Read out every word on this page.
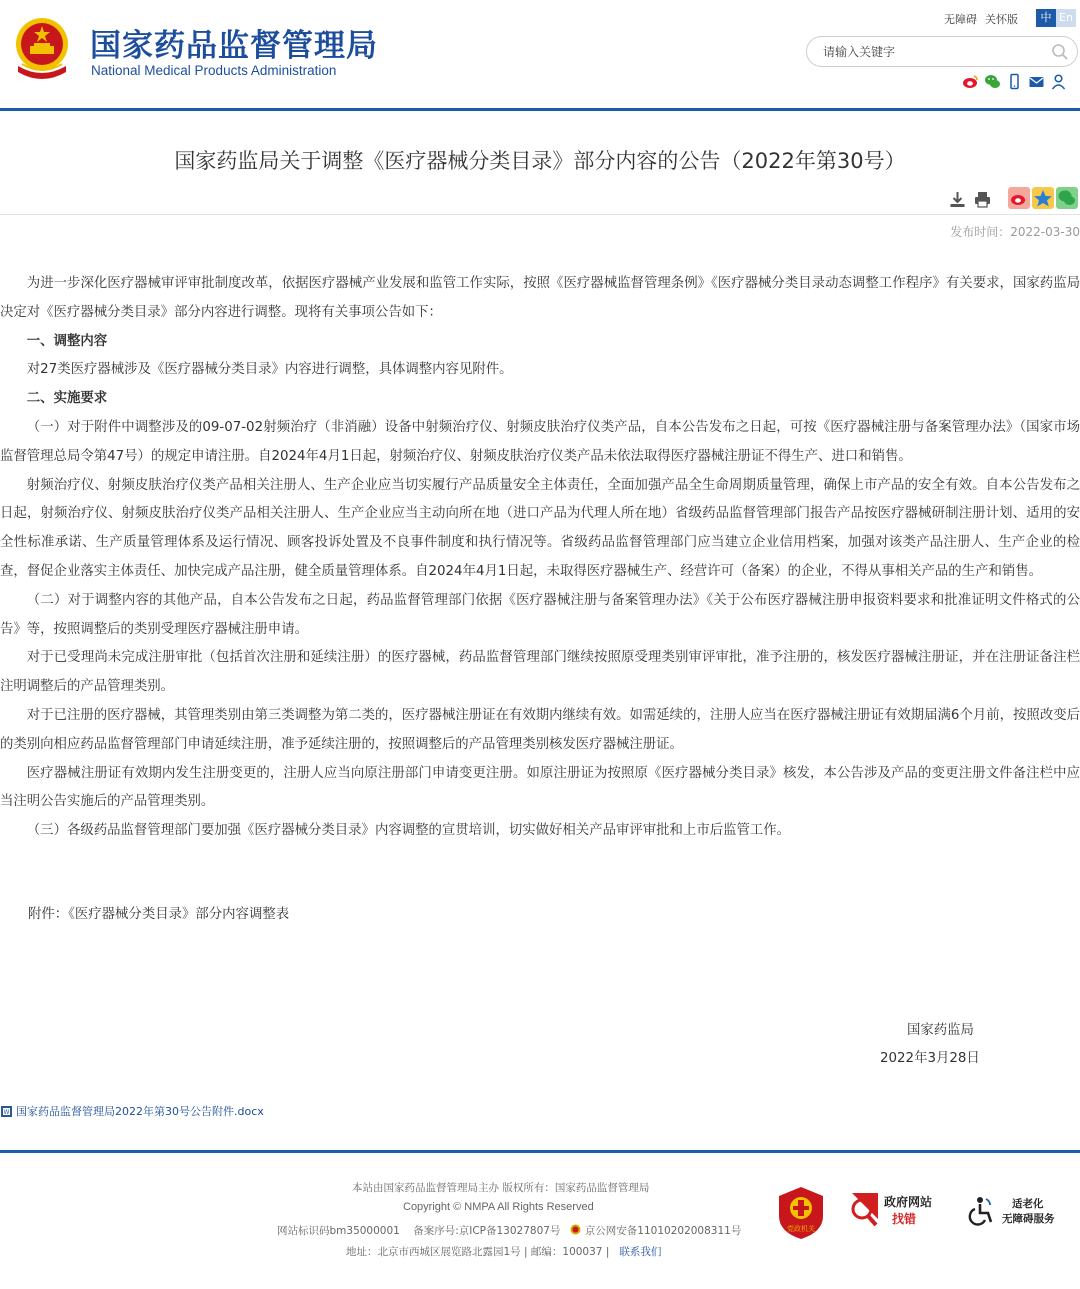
国家药品监督管理局
National Medical Products Administration
无障碍 关怀版	中 En
请输入关键字
国家药监局关于调整《医疗器械分类目录》部分内容的公告（2022年第30号）
发布时间：2022-03-30

为进一步深化医疗器械审评审批制度改革，依据医疗器械产业发展和监管工作实际，按照《医疗器械监督管理条例》《医疗器械分类目录动态调整工作程序》有关要求，国家药监局决定对《医疗器械分类目录》部分内容进行调整。现将有关事项公告如下：

一、调整内容

对27类医疗器械涉及《医疗器械分类目录》内容进行调整，具体调整内容见附件。

二、实施要求

（一）对于附件中调整涉及的09-07-02射频治疗（非消融）设备中射频治疗仪、射频皮肤治疗仪类产品，自本公告发布之日起，可按《医疗器械注册与备案管理办法》（国家市场监督管理总局令第47号）的规定申请注册。自2024年4月1日起，射频治疗仪、射频皮肤治疗仪类产品未依法取得医疗器械注册证不得生产、进口和销售。

射频治疗仪、射频皮肤治疗仪类产品相关注册人、生产企业应当切实履行产品质量安全主体责任，全面加强产品全生命周期质量管理，确保上市产品的安全有效。自本公告发布之日起，射频治疗仪、射频皮肤治疗仪类产品相关注册人、生产企业应当主动向所在地（进口产品为代理人所在地）省级药品监督管理部门报告产品按医疗器械研制注册计划、适用的安全性标准承诺、生产质量管理体系及运行情况、顾客投诉处置及不良事件制度和执行情况等。省级药品监督管理部门应当建立企业信用档案，加强对该类产品注册人、生产企业的检查，督促企业落实主体责任、加快完成产品注册，健全质量管理体系。自2024年4月1日起，未取得医疗器械生产、经营许可（备案）的企业，不得从事相关产品的生产和销售。

（二）对于调整内容的其他产品，自本公告发布之日起，药品监督管理部门依据《医疗器械注册与备案管理办法》《关于公布医疗器械注册申报资料要求和批准证明文件格式的公告》等，按照调整后的类别受理医疗器械注册申请。

对于已受理尚未完成注册审批（包括首次注册和延续注册）的医疗器械，药品监督管理部门继续按照原受理类别审评审批，准予注册的，核发医疗器械注册证，并在注册证备注栏注明调整后的产品管理类别。

对于已注册的医疗器械，其管理类别由第三类调整为第二类的，医疗器械注册证在有效期内继续有效。如需延续的，注册人应当在医疗器械注册证有效期届满6个月前，按照改变后的类别向相应药品监督管理部门申请延续注册，准予延续注册的，按照调整后的产品管理类别核发医疗器械注册证。

医疗器械注册证有效期内发生注册变更的，注册人应当向原注册部门申请变更注册。如原注册证为按照原《医疗器械分类目录》核发，本公告涉及产品的变更注册文件备注栏中应当注明公告实施后的产品管理类别。

（三）各级药品监督管理部门要加强《医疗器械分类目录》内容调整的宣贯培训，切实做好相关产品审评审批和上市后监管工作。

附件：《医疗器械分类目录》部分内容调整表
国家药监局
2022年3月28日
W 国家药品监督管理局2022年第30号公告附件.docx
本站由国家药品监督管理局主办 版权所有：国家药品监督管理局
Copyright © NMPA All Rights Reserved
网站标识码bm35000001 备案序号:京ICP备13027807号 京公网安备11010202008311号
地址：北京市西城区展览路北露园1号 | 邮编：100037 | 联系我们
党政机关
政府网站
找错
适老化
无障碍服务
